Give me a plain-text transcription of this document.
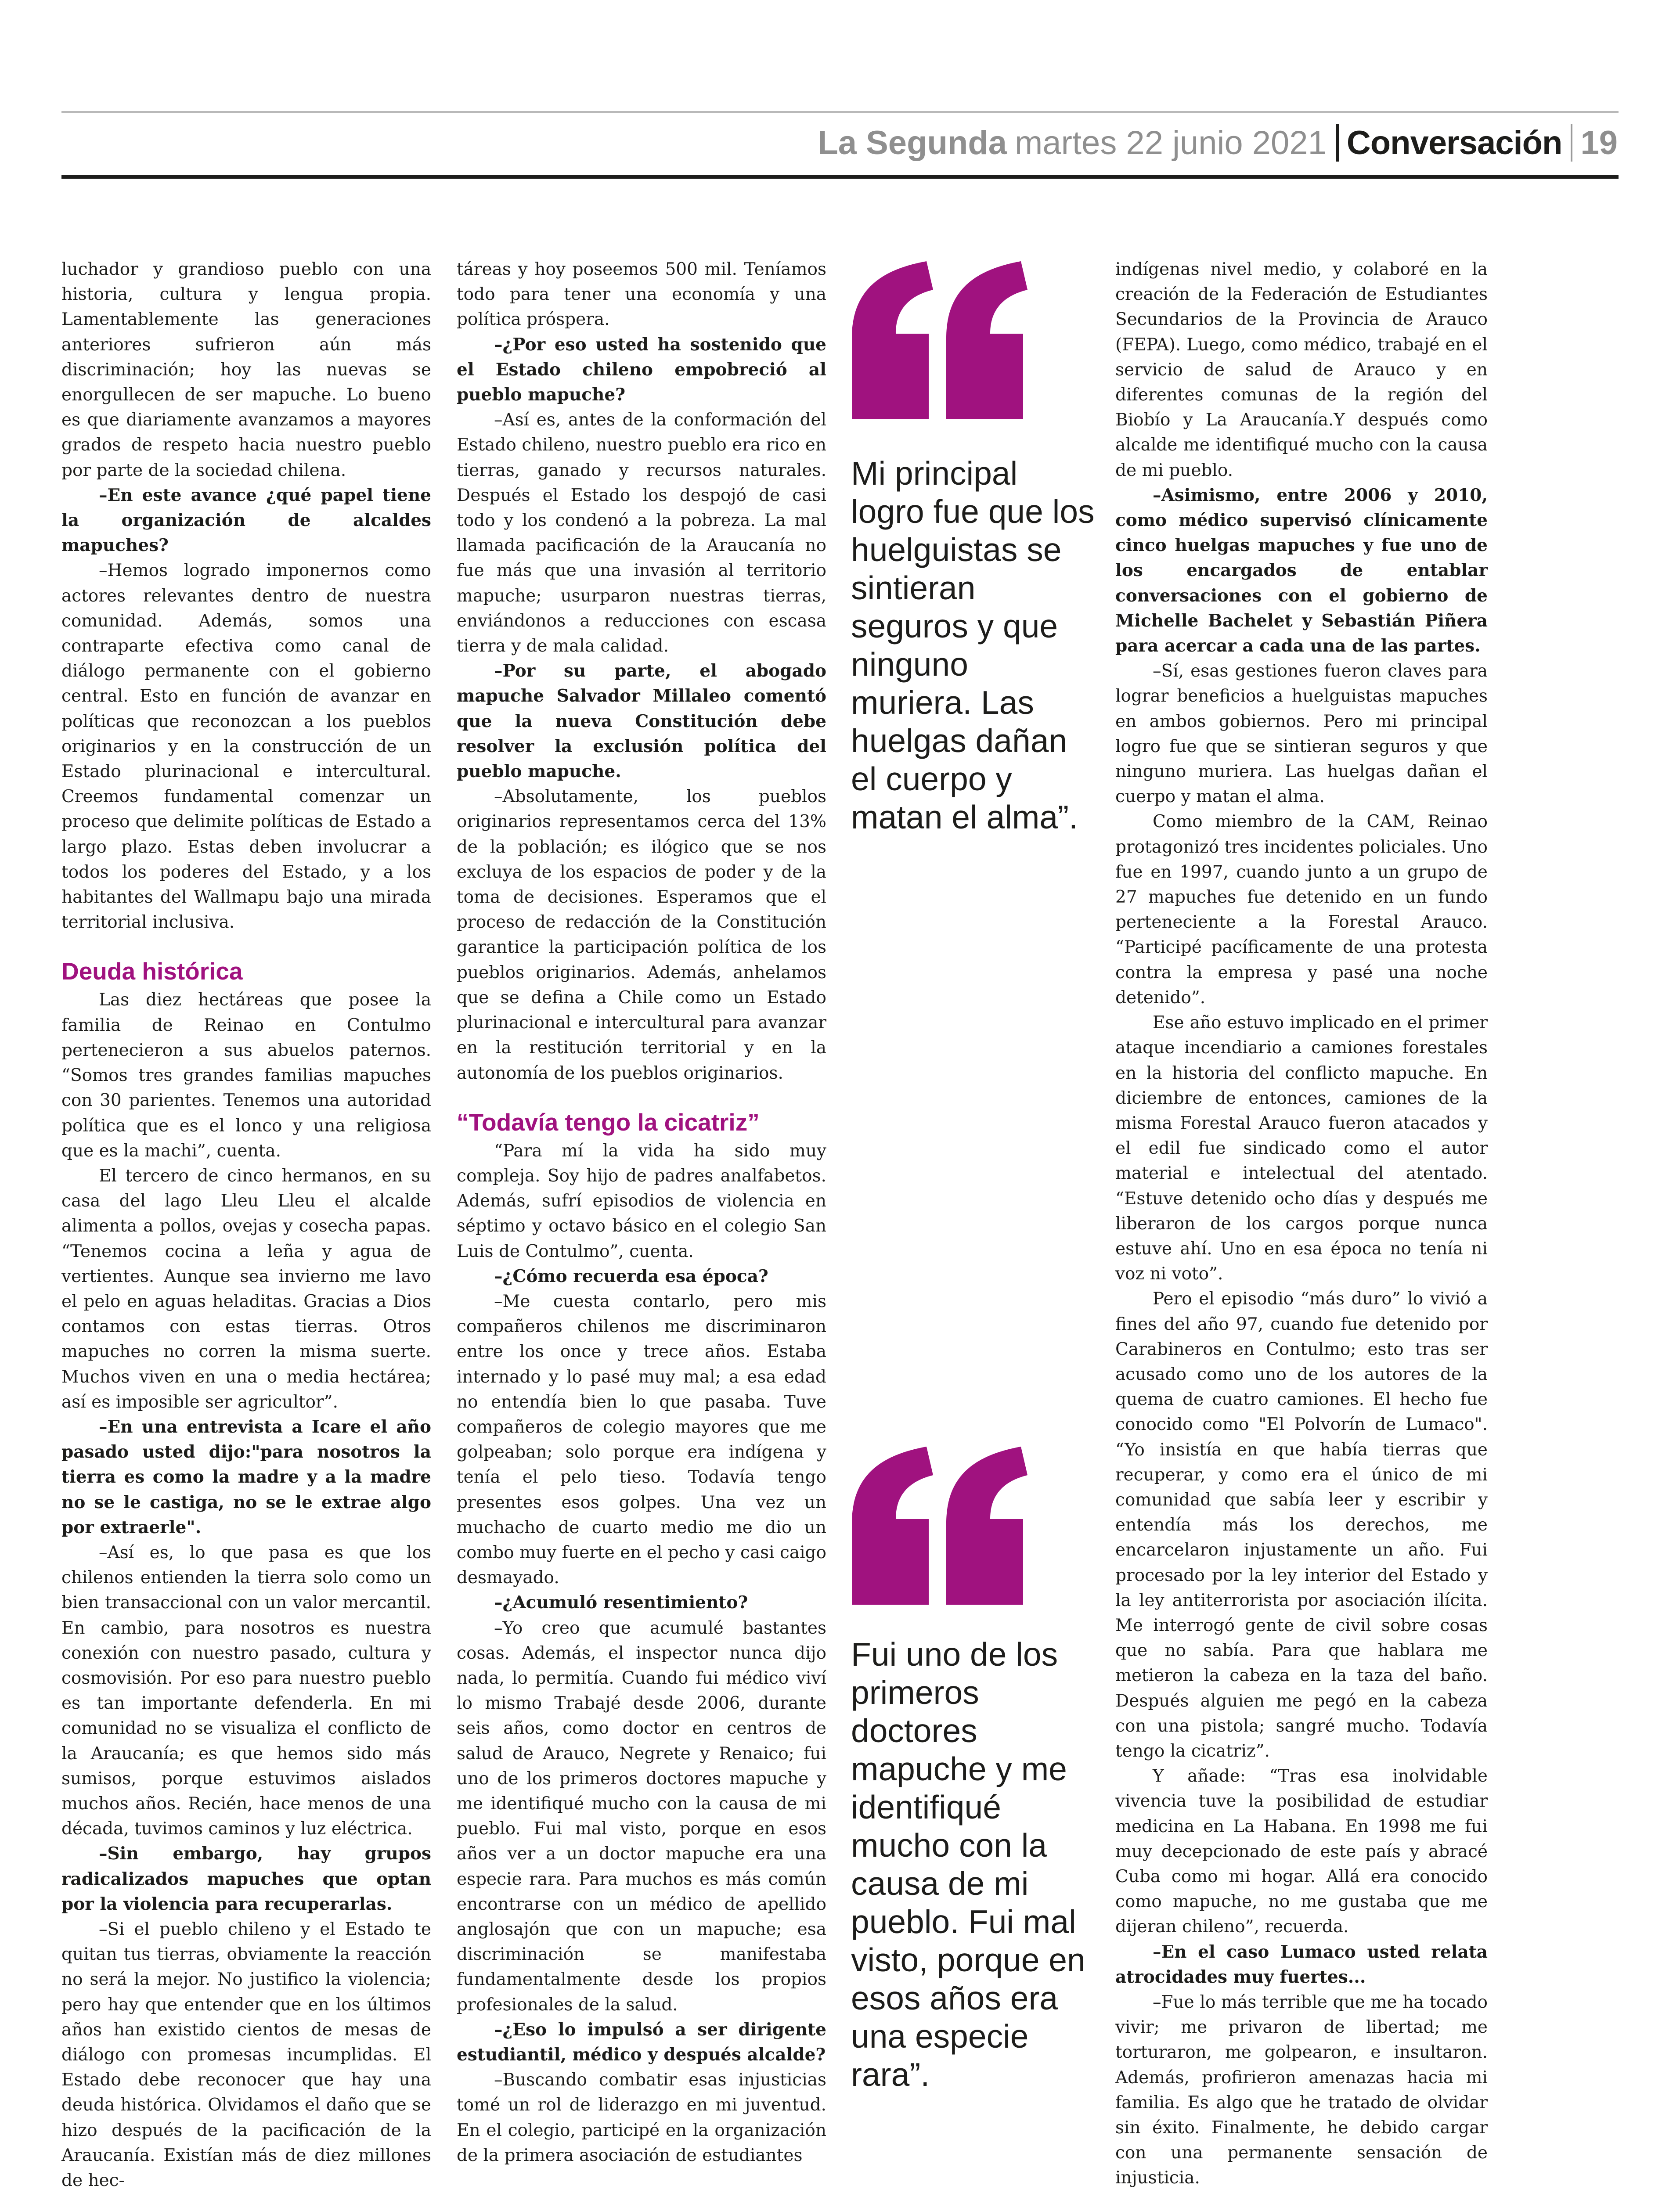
La Segunda martes 22 junio 2021 Conversación 19

luchador y grandioso pueblo con una historia, cultura y lengua propia. Lamentablemente las generaciones anteriores sufrieron aún más discriminación; hoy las nuevas se enorgullecen de ser mapuche. Lo bueno es que diariamente avanzamos a mayores grados de respeto hacia nuestro pueblo por parte de la sociedad chilena.

–En este avance ¿qué papel tiene la organización de alcaldes mapuches?

–Hemos logrado imponernos como actores relevantes dentro de nuestra comunidad. Además, somos una contraparte efectiva como canal de diálogo permanente con el gobierno central. Esto en función de avanzar en políticas que reconozcan a los pueblos originarios y en la construcción de un Estado plurinacional e intercultural. Creemos fundamental comenzar un proceso que delimite políticas de Estado a largo plazo. Estas deben involucrar a todos los poderes del Estado, y a los habitantes del Wallmapu bajo una mirada territorial inclusiva.

Deuda histórica

Las diez hectáreas que posee la familia de Reinao en Contulmo pertenecieron a sus abuelos paternos. “Somos tres grandes familias mapuches con 30 parientes. Tenemos una autoridad política que es el lonco y una religiosa que es la machi”, cuenta.

El tercero de cinco hermanos, en su casa del lago Lleu Lleu el alcalde alimenta a pollos, ovejas y cosecha papas. “Tenemos cocina a leña y agua de vertientes. Aunque sea invierno me lavo el pelo en aguas heladitas. Gracias a Dios contamos con estas tierras. Otros mapuches no corren la misma suerte. Muchos viven en una o media hectárea; así es imposible ser agricultor”.

–En una entrevista a Icare el año pasado usted dijo:"para nosotros la tierra es como la madre y a la madre no se le castiga, no se le extrae algo por extraerle".

–Así es, lo que pasa es que los chilenos entienden la tierra solo como un bien transaccional con un valor mercantil. En cambio, para nosotros es nuestra conexión con nuestro pasado, cultura y cosmovisión. Por eso para nuestro pueblo es tan importante defenderla. En mi comunidad no se visualiza el conflicto de la Araucanía; es que hemos sido más sumisos, porque estuvimos aislados muchos años. Recién, hace menos de una década, tuvimos caminos y luz eléctrica.

–Sin embargo, hay grupos radicalizados mapuches que optan por la violencia para recuperarlas.

–Si el pueblo chileno y el Estado te quitan tus tierras, obviamente la reacción no será la mejor. No justifico la violencia; pero hay que entender que en los últimos años han existido cientos de mesas de diálogo con promesas incumplidas. El Estado debe reconocer que hay una deuda histórica. Olvidamos el daño que se hizo después de la pacificación de la Araucanía. Existían más de diez millones de hec-

táreas y hoy poseemos 500 mil. Teníamos todo para tener una economía y una política próspera.

–¿Por eso usted ha sostenido que el Estado chileno empobreció al pueblo mapuche?

–Así es, antes de la conformación del Estado chileno, nuestro pueblo era rico en tierras, ganado y recursos naturales. Después el Estado los despojó de casi todo y los condenó a la pobreza. La mal llamada pacificación de la Araucanía no fue más que una invasión al territorio mapuche; usurparon nuestras tierras, enviándonos a reducciones con escasa tierra y de mala calidad.

–Por su parte, el abogado mapuche Salvador Millaleo comentó que la nueva Constitución debe resolver la exclusión política del pueblo mapuche.

–Absolutamente, los pueblos originarios representamos cerca del 13% de la población; es ilógico que se nos excluya de los espacios de poder y de la toma de decisiones. Esperamos que el proceso de redacción de la Constitución garantice la participación política de los pueblos originarios. Además, anhelamos que se defina a Chile como un Estado plurinacional e intercultural para avanzar en la restitución territorial y en la autonomía de los pueblos originarios.

“Todavía tengo la cicatriz”

“Para mí la vida ha sido muy compleja. Soy hijo de padres analfabetos. Además, sufrí episodios de violencia en séptimo y octavo básico en el colegio San Luis de Contulmo”, cuenta.

–¿Cómo recuerda esa época?

–Me cuesta contarlo, pero mis compañeros chilenos me discriminaron entre los once y trece años. Estaba internado y lo pasé muy mal; a esa edad no entendía bien lo que pasaba. Tuve compañeros de colegio mayores que me golpeaban; solo porque era indígena y tenía el pelo tieso. Todavía tengo presentes esos golpes. Una vez un muchacho de cuarto medio me dio un combo muy fuerte en el pecho y casi caigo desmayado.

–¿Acumuló resentimiento?

–Yo creo que acumulé bastantes cosas. Además, el inspector nunca dijo nada, lo permitía. Cuando fui médico viví lo mismo Trabajé desde 2006, durante seis años, como doctor en centros de salud de Arauco, Negrete y Renaico; fui uno de los primeros doctores mapuche y me identifiqué mucho con la causa de mi pueblo. Fui mal visto, porque en esos años ver a un doctor mapuche era una especie rara. Para muchos es más común encontrarse con un médico de apellido anglosajón que con un mapuche; esa discriminación se manifestaba fundamentalmente desde los propios profesionales de la salud.

–¿Eso lo impulsó a ser dirigente estudiantil, médico y después alcalde?

–Buscando combatir esas injusticias tomé un rol de liderazgo en mi juventud. En el colegio, participé en la organización de la primera asociación de estudiantes

Mi principal logro fue que los huelguistas se sintieran seguros y que ninguno muriera. Las huelgas dañan el cuerpo y matan el alma”.
Fui uno de los primeros doctores mapuche y me identifiqué mucho con la causa de mi pueblo. Fui mal visto, porque en esos años era una especie rara”.

indígenas nivel medio, y colaboré en la creación de la Federación de Estudiantes Secundarios de la Provincia de Arauco (FEPA). Luego, como médico, trabajé en el servicio de salud de Arauco y en diferentes comunas de la región del Biobío y La Araucanía.Y después como alcalde me identifiqué mucho con la causa de mi pueblo.

–Asimismo, entre 2006 y 2010, como médico supervisó clínicamente cinco huelgas mapuches y fue uno de los encargados de entablar conversaciones con el gobierno de Michelle Bachelet y Sebastián Piñera para acercar a cada una de las partes.

–Sí, esas gestiones fueron claves para lograr beneficios a huelguistas mapuches en ambos gobiernos. Pero mi principal logro fue que se sintieran seguros y que ninguno muriera. Las huelgas dañan el cuerpo y matan el alma.

Como miembro de la CAM, Reinao protagonizó tres incidentes policiales. Uno fue en 1997, cuando junto a un grupo de 27 mapuches fue detenido en un fundo perteneciente a la Forestal Arauco. “Participé pacíficamente de una protesta contra la empresa y pasé una noche detenido”.

Ese año estuvo implicado en el primer ataque incendiario a camiones forestales en la historia del conflicto mapuche. En diciembre de entonces, camiones de la misma Forestal Arauco fueron atacados y el edil fue sindicado como el autor material e intelectual del atentado. “Estuve detenido ocho días y después me liberaron de los cargos porque nunca estuve ahí. Uno en esa época no tenía ni voz ni voto”.

Pero el episodio “más duro” lo vivió a fines del año 97, cuando fue detenido por Carabineros en Contulmo; esto tras ser acusado como uno de los autores de la quema de cuatro camiones. El hecho fue conocido como "El Polvorín de Lumaco". “Yo insistía en que había tierras que recuperar, y como era el único de mi comunidad que sabía leer y escribir y entendía más los derechos, me encarcelaron injustamente un año. Fui procesado por la ley interior del Estado y la ley antiterrorista por asociación ilícita. Me interrogó gente de civil sobre cosas que no sabía. Para que hablara me metieron la cabeza en la taza del baño. Después alguien me pegó en la cabeza con una pistola; sangré mucho. Todavía tengo la cicatriz”.

Y añade: “Tras esa inolvidable vivencia tuve la posibilidad de estudiar medicina en La Habana. En 1998 me fui muy decepcionado de este país y abracé Cuba como mi hogar. Allá era conocido como mapuche, no me gustaba que me dijeran chileno”, recuerda.

–En el caso Lumaco usted relata atrocidades muy fuertes...

–Fue lo más terrible que me ha tocado vivir; me privaron de libertad; me torturaron, me golpearon, e insultaron. Además, profirieron amenazas hacia mi familia. Es algo que he tratado de olvidar sin éxito. Finalmente, he debido cargar con una permanente sensación de injusticia.
